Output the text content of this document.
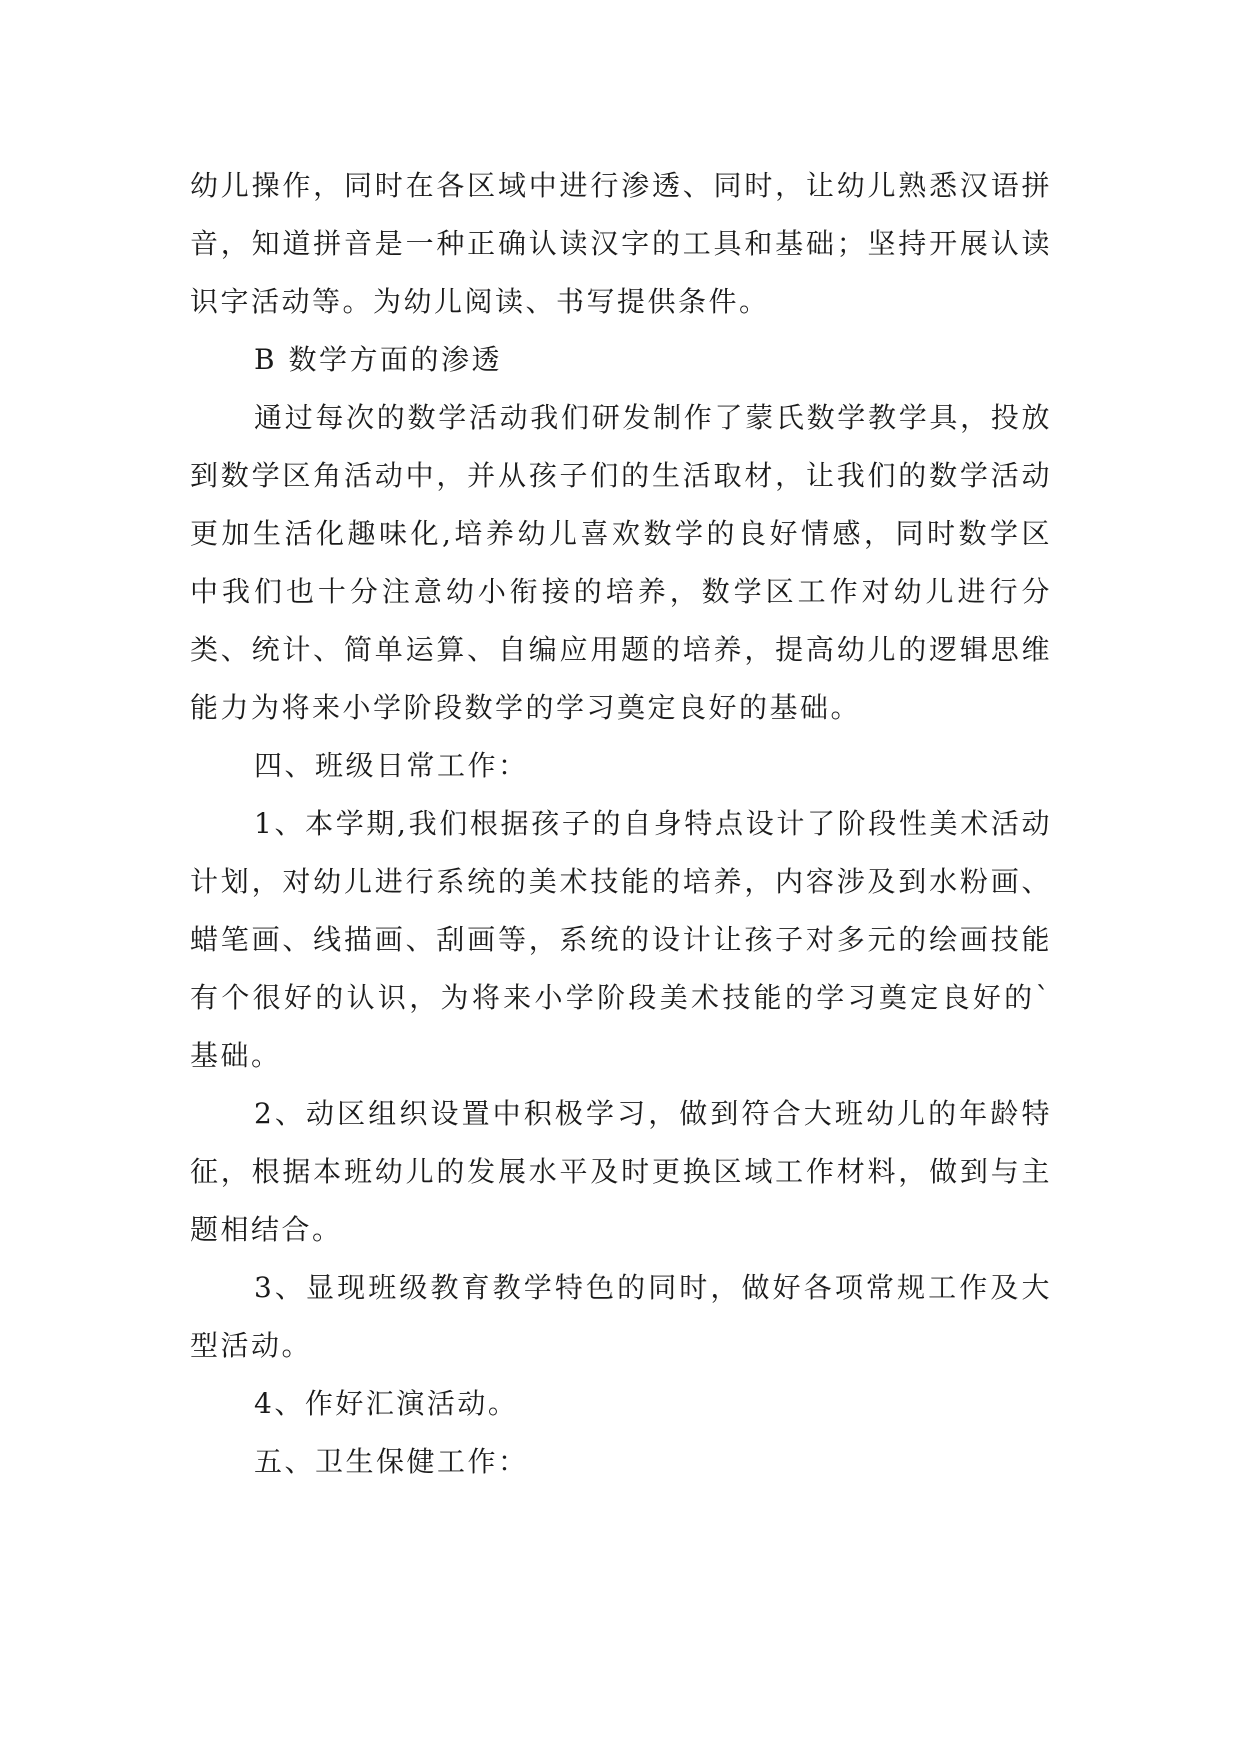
幼儿操作，同时在各区域中进行渗透、同时，让幼儿熟悉汉语拼音，知道拼音是一种正确认读汉字的工具和基础；坚持开展认读识字活动等。为幼儿阅读、书写提供条件。

B 数学方面的渗透

通过每次的数学活动我们研发制作了蒙氏数学教学具，投放到数学区角活动中，并从孩子们的生活取材，让我们的数学活动更加生活化趣味化,培养幼儿喜欢数学的良好情感，同时数学区中我们也十分注意幼小衔接的培养，数学区工作对幼儿进行分类、统计、简单运算、自编应用题的培养，提高幼儿的逻辑思维能力为将来小学阶段数学的学习奠定良好的基础。

四、班级日常工作：

1、本学期,我们根据孩子的自身特点设计了阶段性美术活动计划，对幼儿进行系统的美术技能的培养，内容涉及到水粉画、蜡笔画、线描画、刮画等，系统的设计让孩子对多元的绘画技能有个很好的认识，为将来小学阶段美术技能的学习奠定良好的`基础。

2、动区组织设置中积极学习，做到符合大班幼儿的年龄特征，根据本班幼儿的发展水平及时更换区域工作材料，做到与主题相结合。

3、显现班级教育教学特色的同时，做好各项常规工作及大型活动。

4、作好汇演活动。

五、卫生保健工作：
